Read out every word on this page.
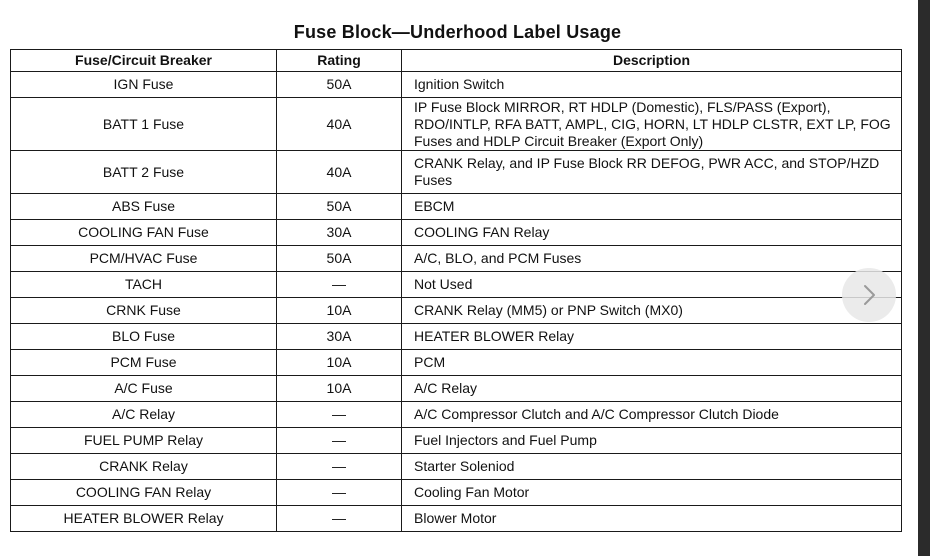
Fuse Block—Underhood Label Usage
Fuse/Circuit Breaker	Rating	Description
IGN Fuse	50A	Ignition Switch
BATT 1 Fuse	40A	IP Fuse Block MIRROR, RT HDLP (Domestic), FLS/PASS (Export), RDO/INTLP, RFA BATT, AMPL, CIG, HORN, LT HDLP CLSTR, EXT LP, FOG Fuses and HDLP Circuit Breaker (Export Only)
BATT 2 Fuse	40A	CRANK Relay, and IP Fuse Block RR DEFOG, PWR ACC, and STOP/HZD Fuses
ABS Fuse	50A	EBCM
COOLING FAN Fuse	30A	COOLING FAN Relay
PCM/HVAC Fuse	50A	A/C, BLO, and PCM Fuses
TACH	—	Not Used
CRNK Fuse	10A	CRANK Relay (MM5) or PNP Switch (MX0)
BLO Fuse	30A	HEATER BLOWER Relay
PCM Fuse	10A	PCM
A/C Fuse	10A	A/C Relay
A/C Relay	—	A/C Compressor Clutch and A/C Compressor Clutch Diode
FUEL PUMP Relay	—	Fuel Injectors and Fuel Pump
CRANK Relay	—	Starter Soleniod
COOLING FAN Relay	—	Cooling Fan Motor
HEATER BLOWER Relay	—	Blower Motor
